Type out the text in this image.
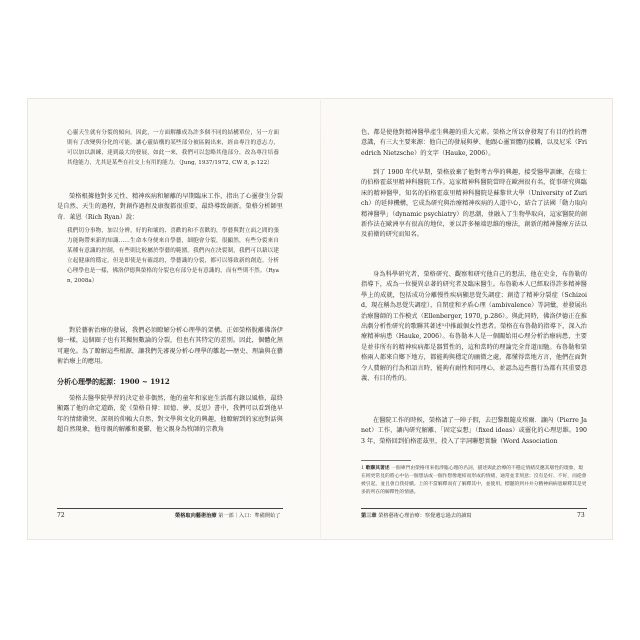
心靈天生就有分裂的傾向。因此，一方面解離成為許多個不同的結構單位，另一方面則有了改變與分化的可能。讓心靈結構的某些部分被區隔出來，經由專注的意志力，可以加以訓練，達到最大的發展，如此一來，我們可以忽略其他部分，改為專注培養其他能力，尤其是某些在社交上有用的能力。（Jung, 1937/1972, CW 8, p.122）

榮格根據他對多元性、精神疾病和解離的早期臨床工作，指出了心靈發生分裂是自然、天生的過程，對創作過程及康復都很重要，最終導致創新。榮格分析師里奇．萊恩（Rich Ryan）說：

我們切分事物，加以分辨，好的和壞的、喜歡的和不喜歡的，學藝與對立面之間的張力能夠帶來新的知識……生命本身便來自學藝，細胞會分裂，很顯然，有些分裂來自某種有意識的控制，有些則比較屬於學藝的範圍。我們內在決裂制，我們可以藉以建立起健康的穩定，但是即使是有確認的，學藝識的分裂，都可以導致新的創造。分析心理學也是一樣，佛洛伊德與榮格的分裂也有部分是有意識的，而有些則不然。（Ryan, 2008a）

對於藝術治療的發展，我們必須瞭解分析心理學的架構。正如榮格脫離佛洛伊德一樣，這個圈子也有其獨無數論的分裂，但也有其特定的差別。因此，個體化無可避免。為了瞭解這些根源，讓我們先審視分析心理學的雛起──歷史、理論與在藝術治療上的應用。

分析心理學的起源：1900 ~ 1912

榮格去醫學院學習的決定並非偶然，他的童年和家庭生活都有錄以風格，最終顯露了他的命定道路，從《榮格自傳：回憶、夢、反思》書中，我們可以看到他早年的情緒衝突、深刻的仰賴大自然，對文學與文化的興趣，他瞭解到的家庭對話與超自然現象，他母親的解離和憂鬱，他父親身為牧師的宗教角

72	榮格取向藝術治療 第一部｜入口：準備開始了

色，都是使他對精神醫學產生興趣的重大元素。榮格之所以會發現了有目的性的潛意識，有三大主要來源：他自己的發展與夢、他跟心靈實體的接觸，以及尼采（Friedrich Nietzsche）的文字（Hauke, 2006）。

到了 1900 年代早期，榮格放棄了他對考古學的興趣，接受醫學訓練，在瑞士的伯格霍茲里精神科醫院工作。這家精神科醫院當時在歐洲很有名，從事研究與臨床的精神醫學，知名的伯格霍茲里精神科醫院是蘇黎世大學（University of Zurich）的延伸機構，它成為研究與治療精神疾病的人道中心，結合了法國「動力取向精神醫學」（dynamic psychiatry）的思潮，並融入了生物學取向，這家醫院的創新作法在歐洲享有很高的地位，並以許多極端思維的療法，創新的精神醫療方法以及前衛的研究而知名。

身為科學研究者，榮格研究、觀察和研究他自己的想法，他在史金，布魯勒的指導下，成為一位優異卓著的研究者及臨床醫生。布魯勒本人已經取得許多精神醫學上的成就，包括成功分離慢性疾病顯思覺失調症；創造了精神分裂症（Schizoid，現在稱為思覺失調症）、自閉症和矛盾心理（ambivalence）等詞彙，並發展出治療醫師的工作模式（Ellenberger, 1970, p.286）。與此同時，佛洛伊德正在推出劇分析性研究的歌聯其著述¹中推敲個女性患者。榮格在布魯勒的指導下，深入治療精神病患（Hauke, 2006）。布魯勒本人是一個關始用心理分析治療病患，主要是並非所有的精神疾病都是器質性的，這和當時的理論完全背道而馳。布魯勒和榮格兩人都來自鄉下地方，都能夠與穩定的幽微之處，都懂得當地方言，他們在面對令人費解的行為和語言時，能夠有耐性和同理心，並認為這些舊行為都有其重要意義、有目的性的。

在醫院工作的時候，榮格請了一陣子假，去巴黎跟隨皮埃爾．讓內（Pierre Janet）工作，讓內研究解離、「固定妄想」（fixed ideas）或靈化的心理思維。1903 年，榮格回到伯格霍茲里，投入了字詞聯想實驗（Word Association

1 歌聯其著述 一個專門由榮格用來指涉臨心理的名詞，描述與此治療的不穩定情緒反應其層性的現象，現在則更常見的將心中佔一個想法或一個作想像連結而形成的情緒，通常並非刻意；沒有是好、不好，而從會被引起，並且會自我持續。上的不當解釋而有了解釋其中，並使用。標題的到并并分精神病病患解釋其是更多的所在的解釋性的情感。

第三章 榮格藝術心理治療：察覺遺忘過去的讀寫	73
